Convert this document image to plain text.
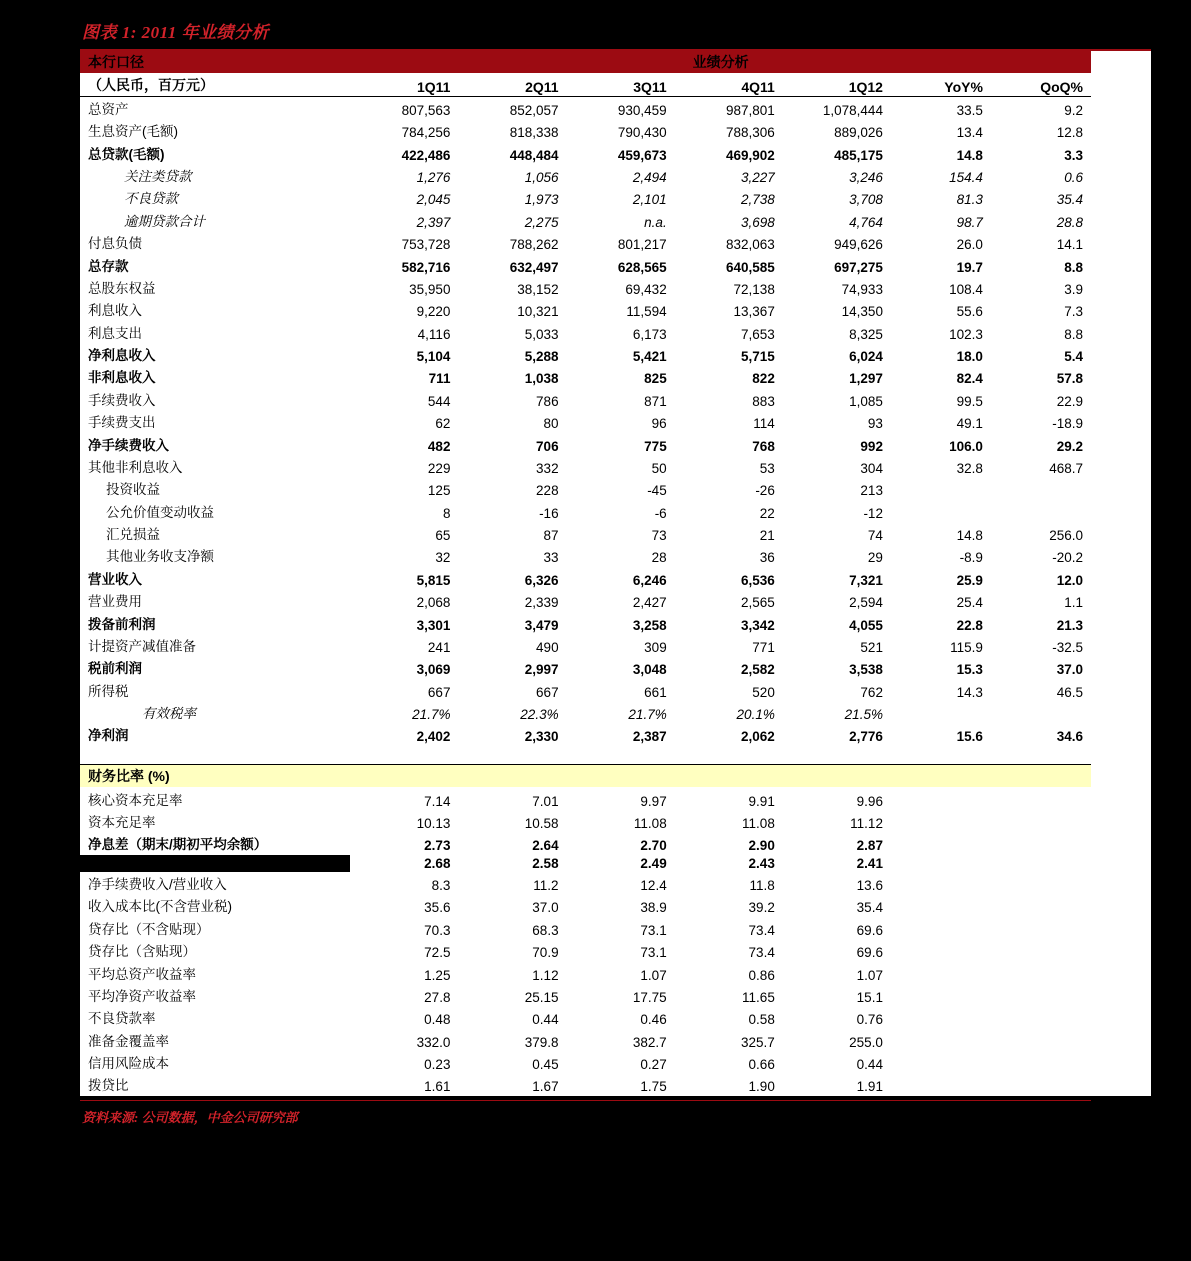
图表 1: 2011 年业绩分析
本行口径	业绩分析						
（人民币，百万元）	1Q11	2Q11	3Q11	4Q11	1Q12	YoY%	QoQ%
总资产	807,563	852,057	930,459	987,801	1,078,444	33.5	9.2
生息资产(毛额)	784,256	818,338	790,430	788,306	889,026	13.4	12.8
总贷款(毛额)	422,486	448,484	459,673	469,902	485,175	14.8	3.3
关注类贷款	1,276	1,056	2,494	3,227	3,246	154.4	0.6
不良贷款	2,045	1,973	2,101	2,738	3,708	81.3	35.4
逾期贷款合计	2,397	2,275	n.a.	3,698	4,764	98.7	28.8
付息负债	753,728	788,262	801,217	832,063	949,626	26.0	14.1
总存款	582,716	632,497	628,565	640,585	697,275	19.7	8.8
总股东权益	35,950	38,152	69,432	72,138	74,933	108.4	3.9
利息收入	9,220	10,321	11,594	13,367	14,350	55.6	7.3
利息支出	4,116	5,033	6,173	7,653	8,325	102.3	8.8
净利息收入	5,104	5,288	5,421	5,715	6,024	18.0	5.4
非利息收入	711	1,038	825	822	1,297	82.4	57.8
手续费收入	544	786	871	883	1,085	99.5	22.9
手续费支出	62	80	96	114	93	49.1	-18.9
净手续费收入	482	706	775	768	992	106.0	29.2
其他非利息收入	229	332	50	53	304	32.8	468.7
投资收益	125	228	-45	-26	213		
公允价值变动收益	8	-16	-6	22	-12		
汇兑损益	65	87	73	21	74	14.8	256.0
其他业务收支净额	32	33	28	36	29	-8.9	-20.2
营业收入	5,815	6,326	6,246	6,536	7,321	25.9	12.0
营业费用	2,068	2,339	2,427	2,565	2,594	25.4	1.1
拨备前利润	3,301	3,479	3,258	3,342	4,055	22.8	21.3
计提资产减值准备	241	490	309	771	521	115.9	-32.5
税前利润	3,069	2,997	3,048	2,582	3,538	15.3	37.0
所得税	667	667	661	520	762	14.3	46.5
有效税率	21.7%	22.3%	21.7%	20.1%	21.5%		
净利润	2,402	2,330	2,387	2,062	2,776	15.6	34.6

财务比率 (%)							
核心资本充足率	7.14	7.01	9.97	9.91	9.96		
资本充足率	10.13	10.58	11.08	11.08	11.12		
净息差（期末/期初平均余额）	2.73	2.64	2.70	2.90	2.87		
	2.68	2.58	2.49	2.43	2.41		
净手续费收入/营业收入	8.3	11.2	12.4	11.8	13.6		
收入成本比(不含营业税)	35.6	37.0	38.9	39.2	35.4		
贷存比（不含贴现）	70.3	68.3	73.1	73.4	69.6		
贷存比（含贴现）	72.5	70.9	73.1	73.4	69.6		
平均总资产收益率	1.25	1.12	1.07	0.86	1.07		
平均净资产收益率	27.8	25.15	17.75	11.65	15.1		
不良贷款率	0.48	0.44	0.46	0.58	0.76		
准备金覆盖率	332.0	379.8	382.7	325.7	255.0		
信用风险成本	0.23	0.45	0.27	0.66	0.44		
拨贷比	1.61	1.67	1.75	1.90	1.91		
资料来源: 公司数据，中金公司研究部
